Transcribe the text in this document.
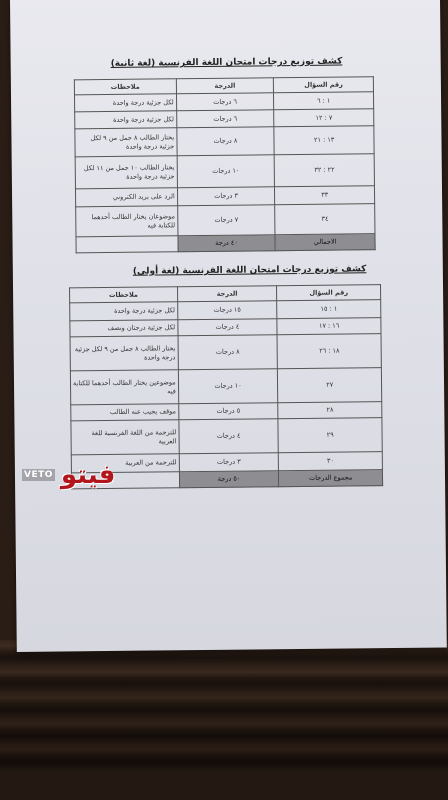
كشف توزيع درجات امتحان اللغة الفرنسية (لغة ثانية)
رقم السؤال	الدرجة	ملاحظات
١ : ٦	٦ درجات	لكل جزئية درجة واحدة
٧ : ١٢	٦ درجات	لكل جزئية درجة واحدة
١٣ : ٢١	٨ درجات	يختار الطالب ٨ جمل من ٩ لكل جزئية درجة واحدة
٢٢ : ٣٢	١٠ درجات	يختار الطالب ١٠ جمل من ١١ لكل جزئية درجة واحدة
٣٣	٣ درجات	الرد على بريد الكتروني
٣٤	٧ درجات	موضوعان يختار الطالب أحدهما للكتابة فيه
الاجمالي	٤٠ درجة	
كشف توزيع درجات امتحان اللغة الفرنسية (لغة أولى)
رقم السؤال	الدرجة	ملاحظات
١ : ١٥	١٥ درجات	لكل جزئية درجة واحدة
١٦ : ١٧	٤ درجات	لكل جزئية درجتان ونصف
١٨ : ٢٦	٨ درجات	يختار الطالب ٨ جمل من ٩ لكل جزئية درجة واحدة
٢٧	١٠ درجات	موضوعين يختار الطالب أحدهما للكتابة فيه
٢٨	٥ درجات	موقف يجيب عنه الطالب
٢٩	٤ درجات	للترجمة من اللغة الفرنسية للغة العربية
٣٠	٣ درجات	للترجمة من العربية
مجموع الدرجات	٥٠ درجة	
VETO فيتو
